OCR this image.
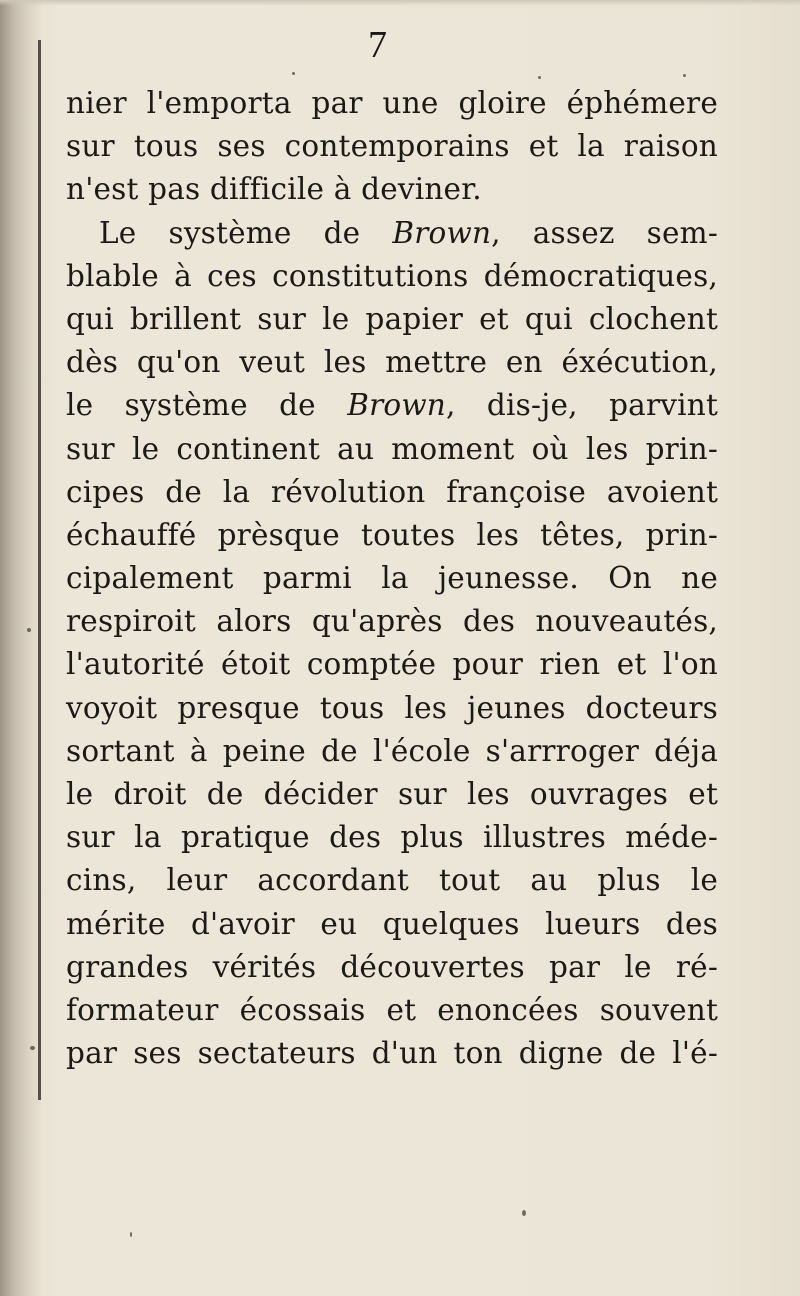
7
nier l'emporta par une gloire éphémere
sur tous ses contemporains et la raison
n'est pas difficile à deviner.
Le système de Brown, assez sem-
blable à ces constitutions démocratiques,
qui brillent sur le papier et qui clochent
dès qu'on veut les mettre en éxécution,
le système de Brown, dis-je, parvint
sur le continent au moment où les prin-
cipes de la révolution françoise avoient
échauffé prèsque toutes les têtes, prin-
cipalement parmi la jeunesse. On ne
respiroit alors qu'après des nouveautés,
l'autorité étoit comptée pour rien et l'on
voyoit presque tous les jeunes docteurs
sortant à peine de l'école s'arrroger déja
le droit de décider sur les ouvrages et
sur la pratique des plus illustres méde-
cins, leur accordant tout au plus le
mérite d'avoir eu quelques lueurs des
grandes vérités découvertes par le ré-
formateur écossais et enoncées souvent
par ses sectateurs d'un ton digne de l'é-
